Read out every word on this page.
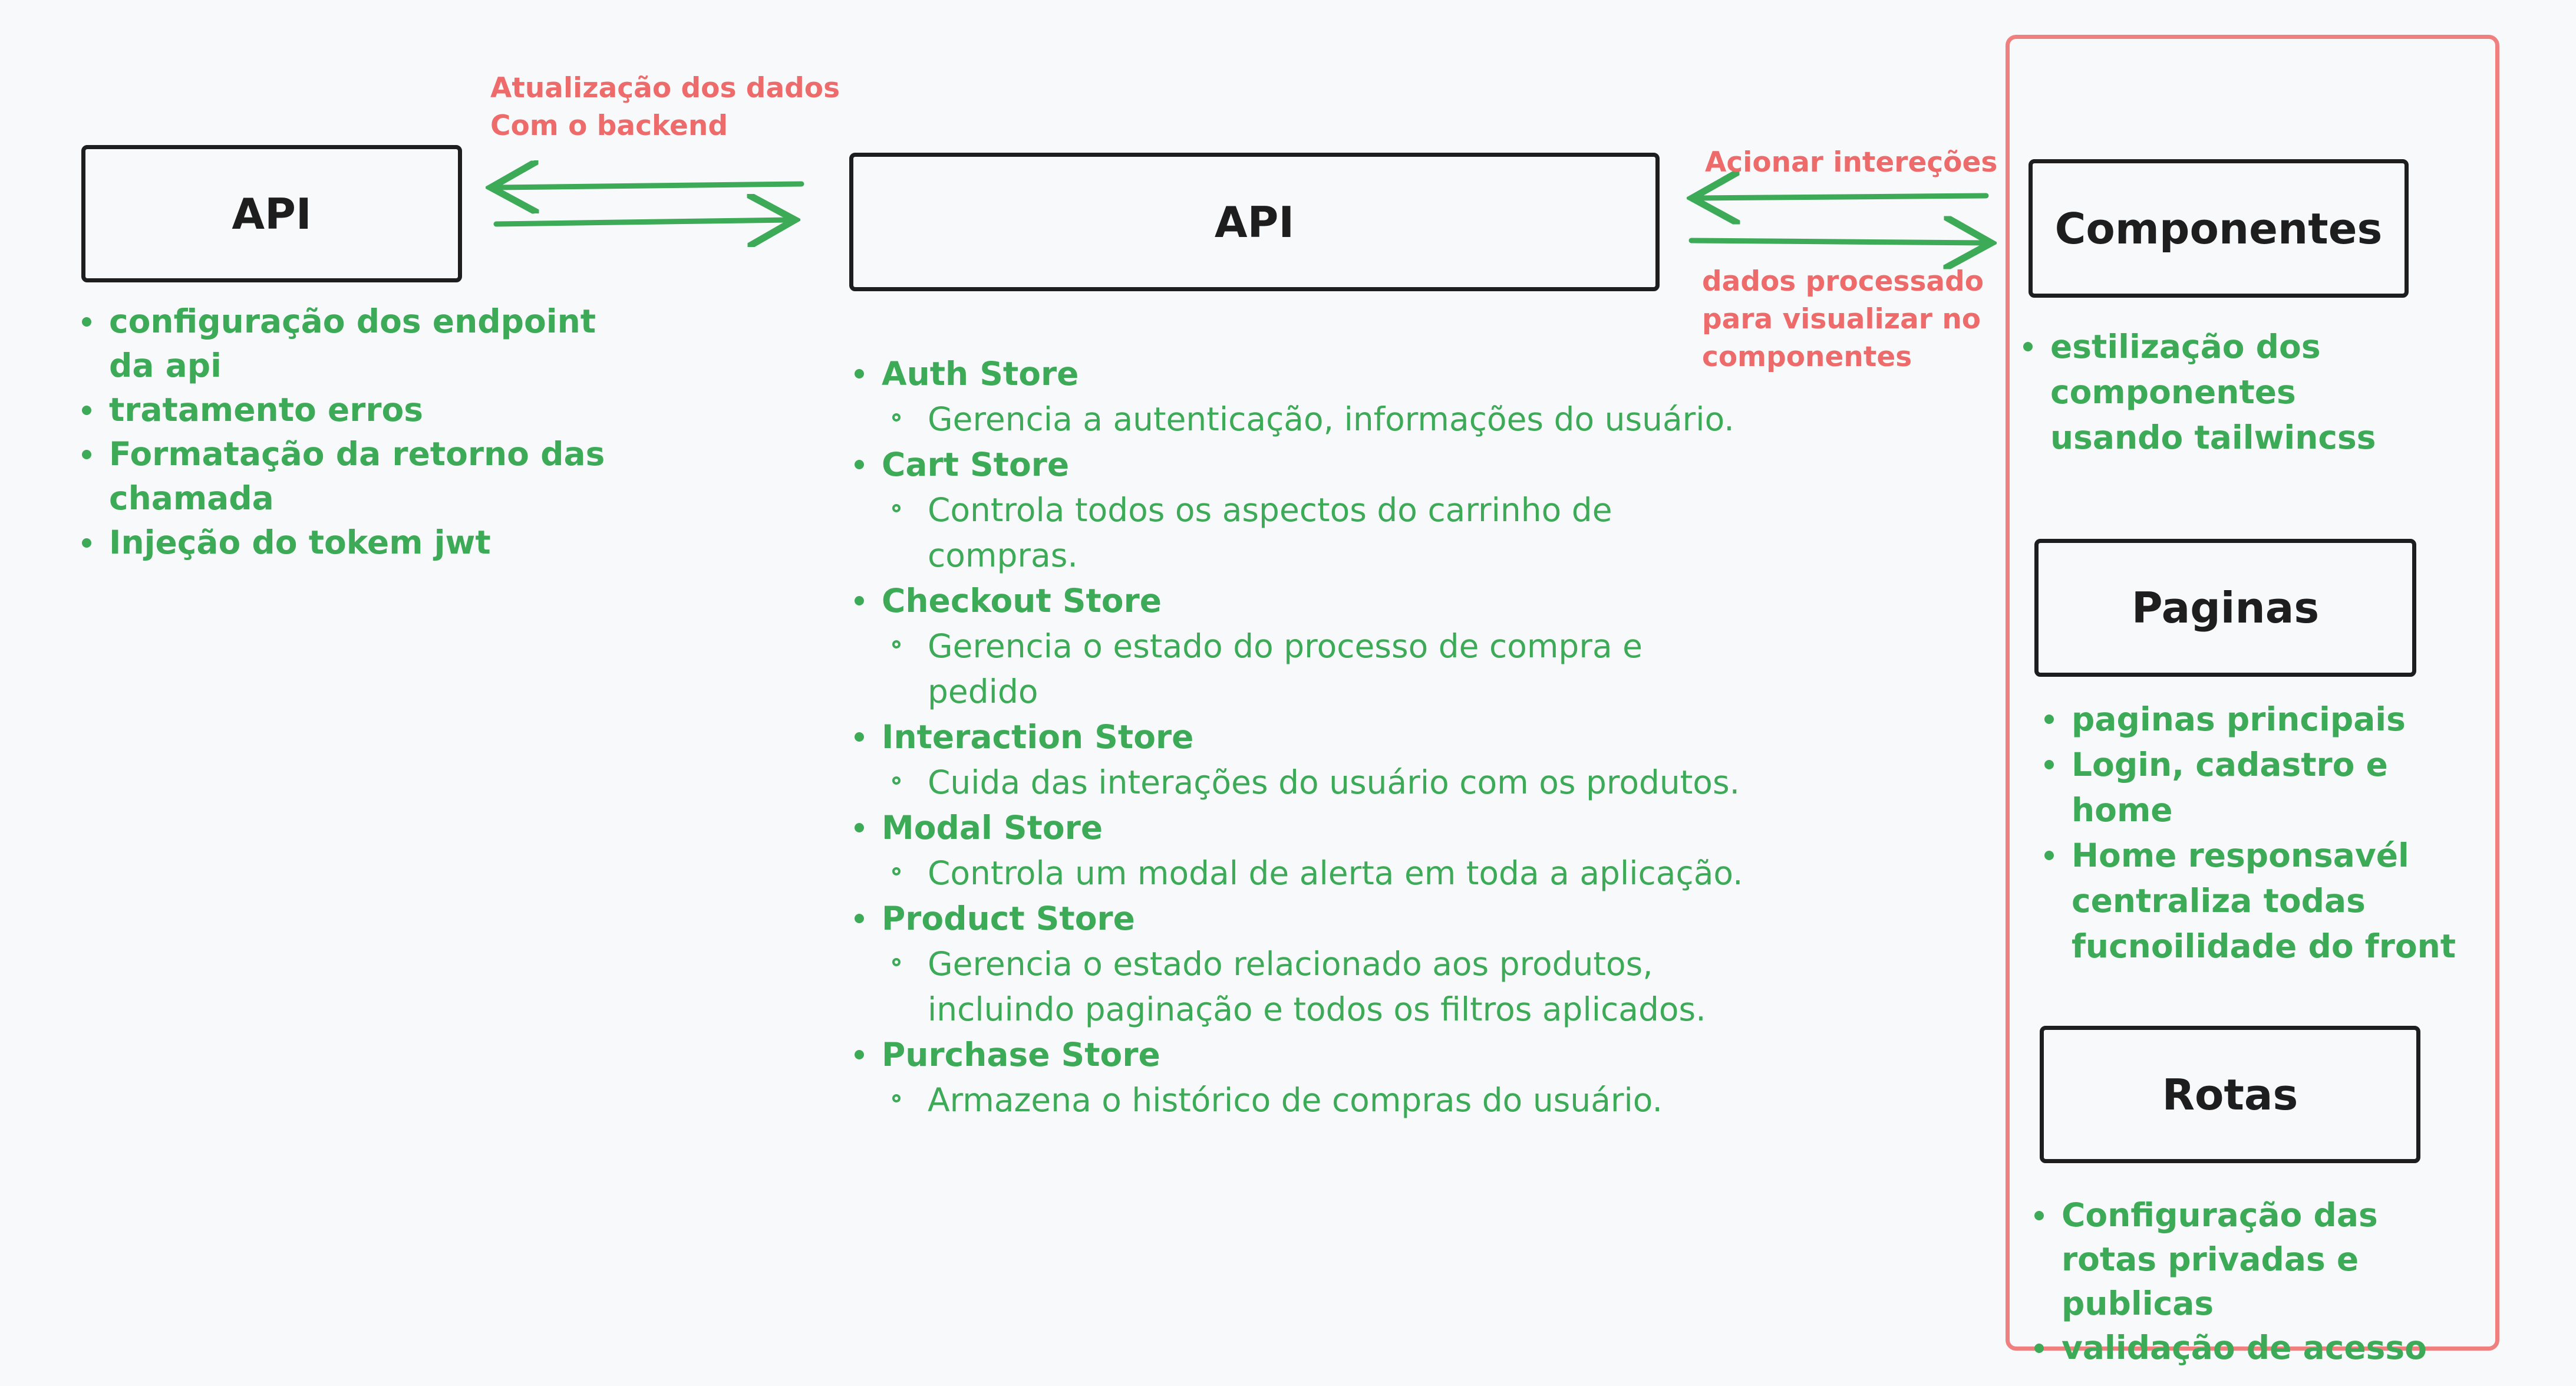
API	API	Componentes
Paginas
Rotas
Atualização dos dados
Com o backend
Acionar intereções
dados processado
para visualizar no
componentes
configuração dos endpoint da api
tratamento erros
Formatação da retorno das chamada
Injeção do tokem jwt
Auth Store
Gerencia a autenticação, informações do usuário.
Cart Store
Controla todos os aspectos do carrinho de compras.
Checkout Store
Gerencia o estado do processo de compra e pedido
Interaction Store
Cuida das interações do usuário com os produtos.
Modal Store
Controla um modal de alerta em toda a aplicação.
Product Store
Gerencia o estado relacionado aos produtos, incluindo paginação e todos os filtros aplicados.
Purchase Store
Armazena o histórico de compras do usuário.
estilização dos componentes usando tailwincss
paginas principais
Login, cadastro e home
Home responsavél centraliza todas fucnoilidade do front
Configuração das rotas privadas e publicas
validação de acesso
